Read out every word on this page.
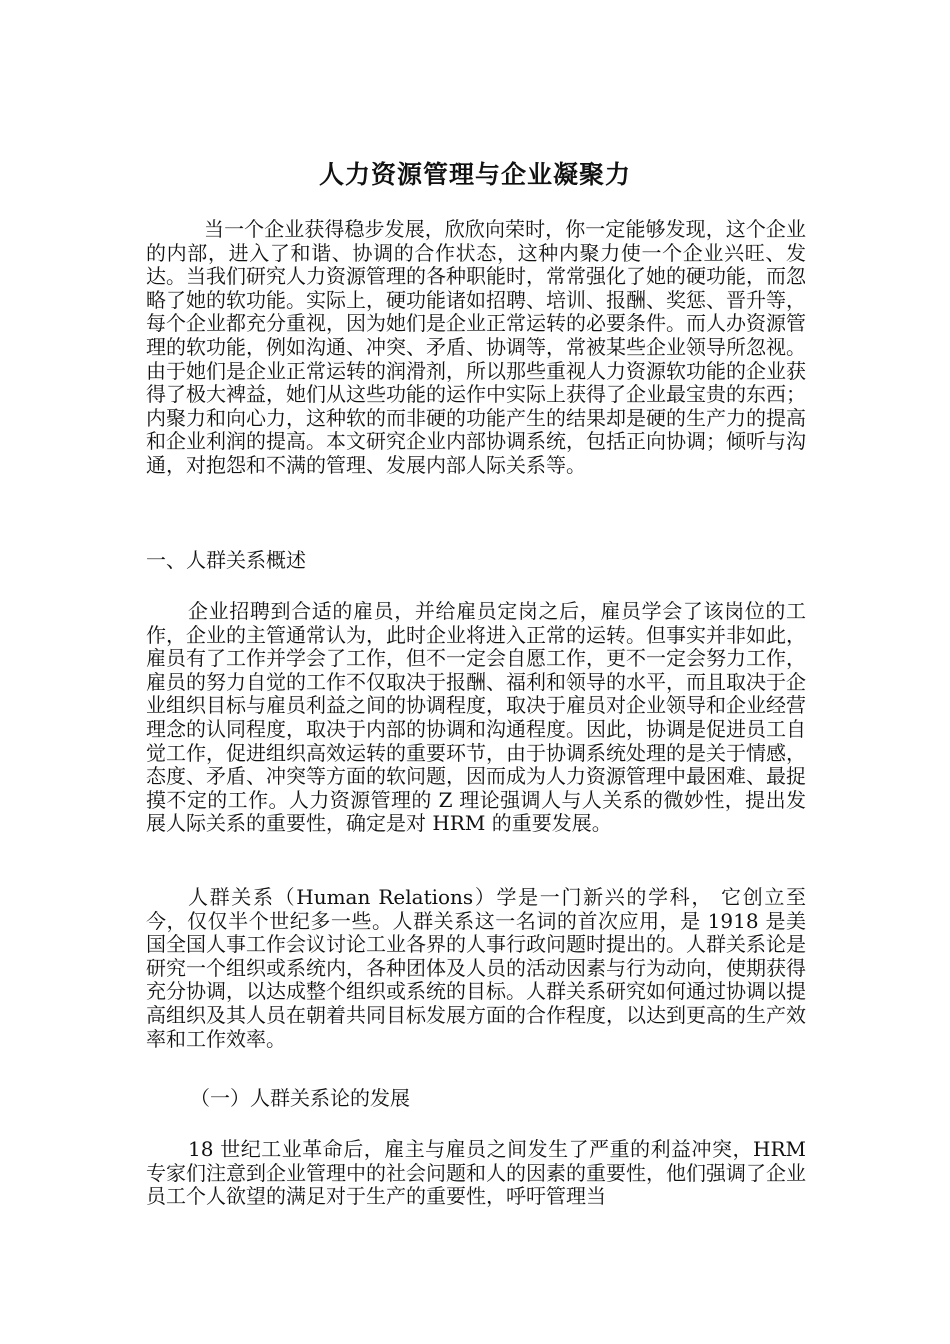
人力资源管理与企业凝聚力
当一个企业获得稳步发展，欣欣向荣时，你一定能够发现，这个企业的内部，进入了和谐、协调的合作状态，这种内聚力使一个企业兴旺、发达。当我们研究人力资源管理的各种职能时，常常强化了她的硬功能，而忽略了她的软功能。实际上，硬功能诸如招聘、培训、报酬、奖惩、晋升等，每个企业都充分重视，因为她们是企业正常运转的必要条件。而人办资源管理的软功能，例如沟通、冲突、矛盾、协调等，常被某些企业领导所忽视。由于她们是企业正常运转的润滑剂，所以那些重视人力资源软功能的企业获得了极大裨益，她们从这些功能的运作中实际上获得了企业最宝贵的东西；内聚力和向心力，这种软的而非硬的功能产生的结果却是硬的生产力的提高和企业利润的提高。本文研究企业内部协调系统，包括正向协调；倾听与沟通，对抱怨和不满的管理、发展内部人际关系等。
一、人群关系概述
企业招聘到合适的雇员，并给雇员定岗之后，雇员学会了该岗位的工作，企业的主管通常认为，此时企业将进入正常的运转。但事实并非如此，雇员有了工作并学会了工作，但不一定会自愿工作，更不一定会努力工作，雇员的努力自觉的工作不仅取决于报酬、福利和领导的水平，而且取决于企业组织目标与雇员利益之间的协调程度，取决于雇员对企业领导和企业经营理念的认同程度，取决于内部的协调和沟通程度。因此，协调是促进员工自觉工作，促进组织高效运转的重要环节，由于协调系统处理的是关于情感，态度、矛盾、冲突等方面的软问题，因而成为人力资源管理中最困难、最捉摸不定的工作。人力资源管理的 Z 理论强调人与人关系的微妙性，提出发展人际关系的重要性，确定是对 HRM 的重要发展。
人群关系（Human Relations）学是一门新兴的学科， 它创立至今，仅仅半个世纪多一些。人群关系这一名词的首次应用，是 1918 是美国全国人事工作会议讨论工业各界的人事行政问题时提出的。人群关系论是研究一个组织或系统内，各种团体及人员的活动因素与行为动向，使期获得充分协调，以达成整个组织或系统的目标。人群关系研究如何通过协调以提高组织及其人员在朝着共同目标发展方面的合作程度，以达到更高的生产效率和工作效率。
（一）人群关系论的发展
18 世纪工业革命后，雇主与雇员之间发生了严重的利益冲突，HRM 专家们注意到企业管理中的社会问题和人的因素的重要性，他们强调了企业员工个人欲望的满足对于生产的重要性，呼吁管理当
